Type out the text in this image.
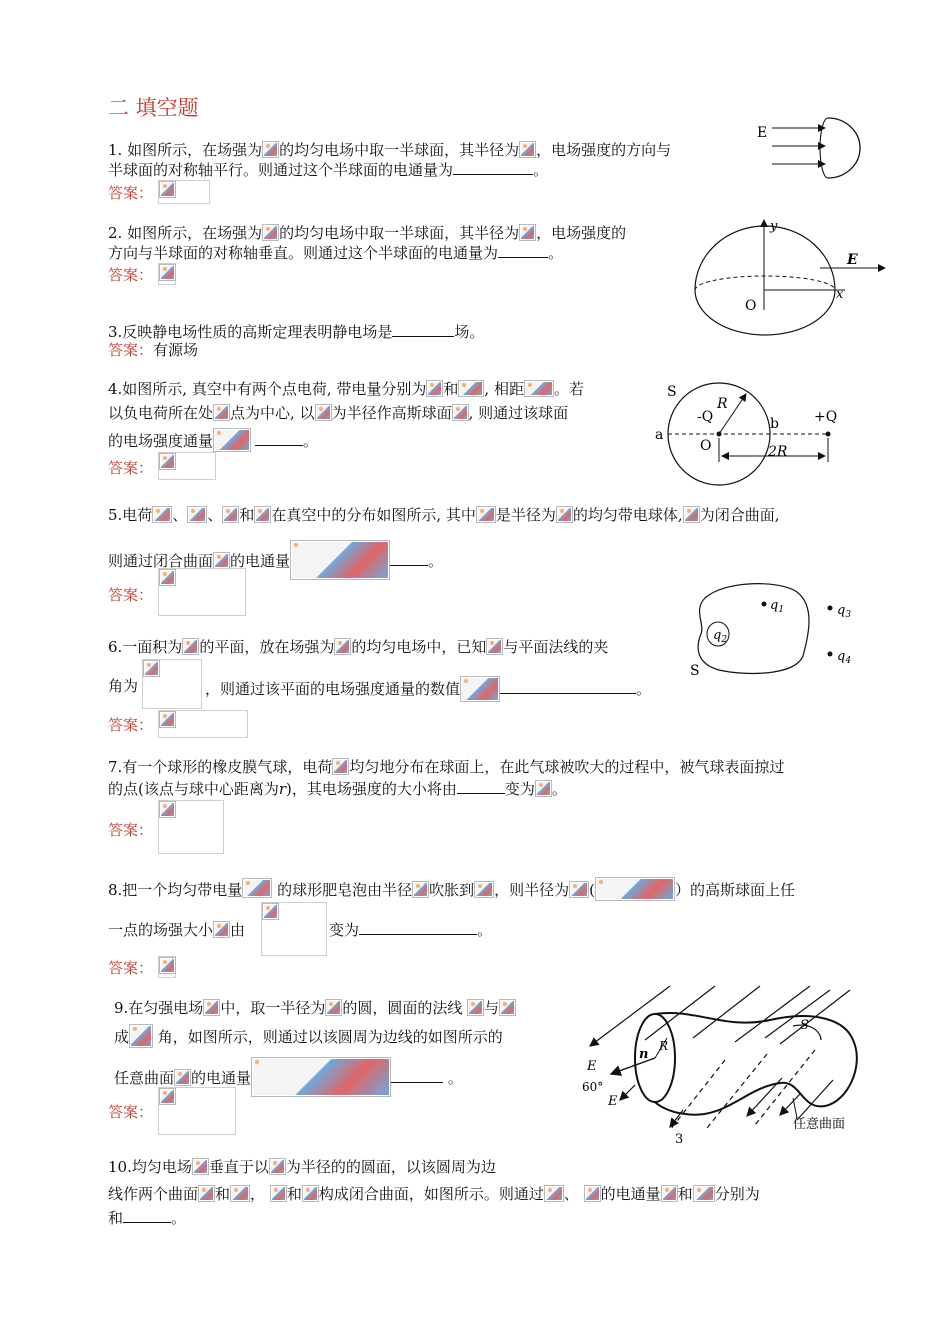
二 填空题
1. 如图所示，在场强为 的均匀电场中取一半球面，其半径为 ，电场强度的方向与
半球面的对称轴平行。则通过这个半球面的电通量为	。
答案：
E
2. 如图所示，在场强为 的均匀电场中取一半球面，其半径为 ，电场强度的
方向与半球面的对称轴垂直。则通过这个半球面的电通量为	。
答案：
y
x
E
O
3.反映静电场性质的高斯定理表明静电场是	场。
答案：有源场
4.如图所示, 真空中有两个点电荷, 带电量分别为 和 , 相距 。若
以负电荷所在处 点为中心, 以 为半径作高斯球面 , 则通过该球面
的电场强度通量	。
答案：
S
R
-Q	+Q
a
b
O	2R
5.电荷 、 、 和 在真空中的分布如图所示, 其中 是半径为 的均匀带电球体, 为闭合曲面,
则通过闭合曲面 的电通量	。
答案：
$q_1$
$q_2$
$q_3$
$q_4$
S
6.一面积为 的平面，放在场强为 的均匀电场中，已知 与平面法线的夹
角为	，则通过该平面的电场强度通量的数值	。
答案：
7.有一个球形的橡皮膜气球，电荷 均匀地分布在球面上，在此气球被吹大的过程中，被气球表面掠过
的点(该点与球中心距离为r)，其电场强度的大小将由	变为 。
答案：
8.把一个均匀带电量 的球形肥皂泡由半径 吹胀到 ，则半径为 (	）的高斯球面上任
一点的场强大小 由	变为	。
答案：
9.在匀强电场 中，取一半径为 的圆，圆面的法线 与
成 角，如图所示，则通过以该圆周为边线的如图所示的
任意曲面 的电通量	。
答案：
S
R
n
E
60°
E
任意曲面
3
10.均匀电场 垂直于以 为半径的的圆面，以该圆周为边
线作两个曲面 和 ， 和 构成闭合曲面，如图所示。则通过 、 的电通量 和 分别为
和	。
